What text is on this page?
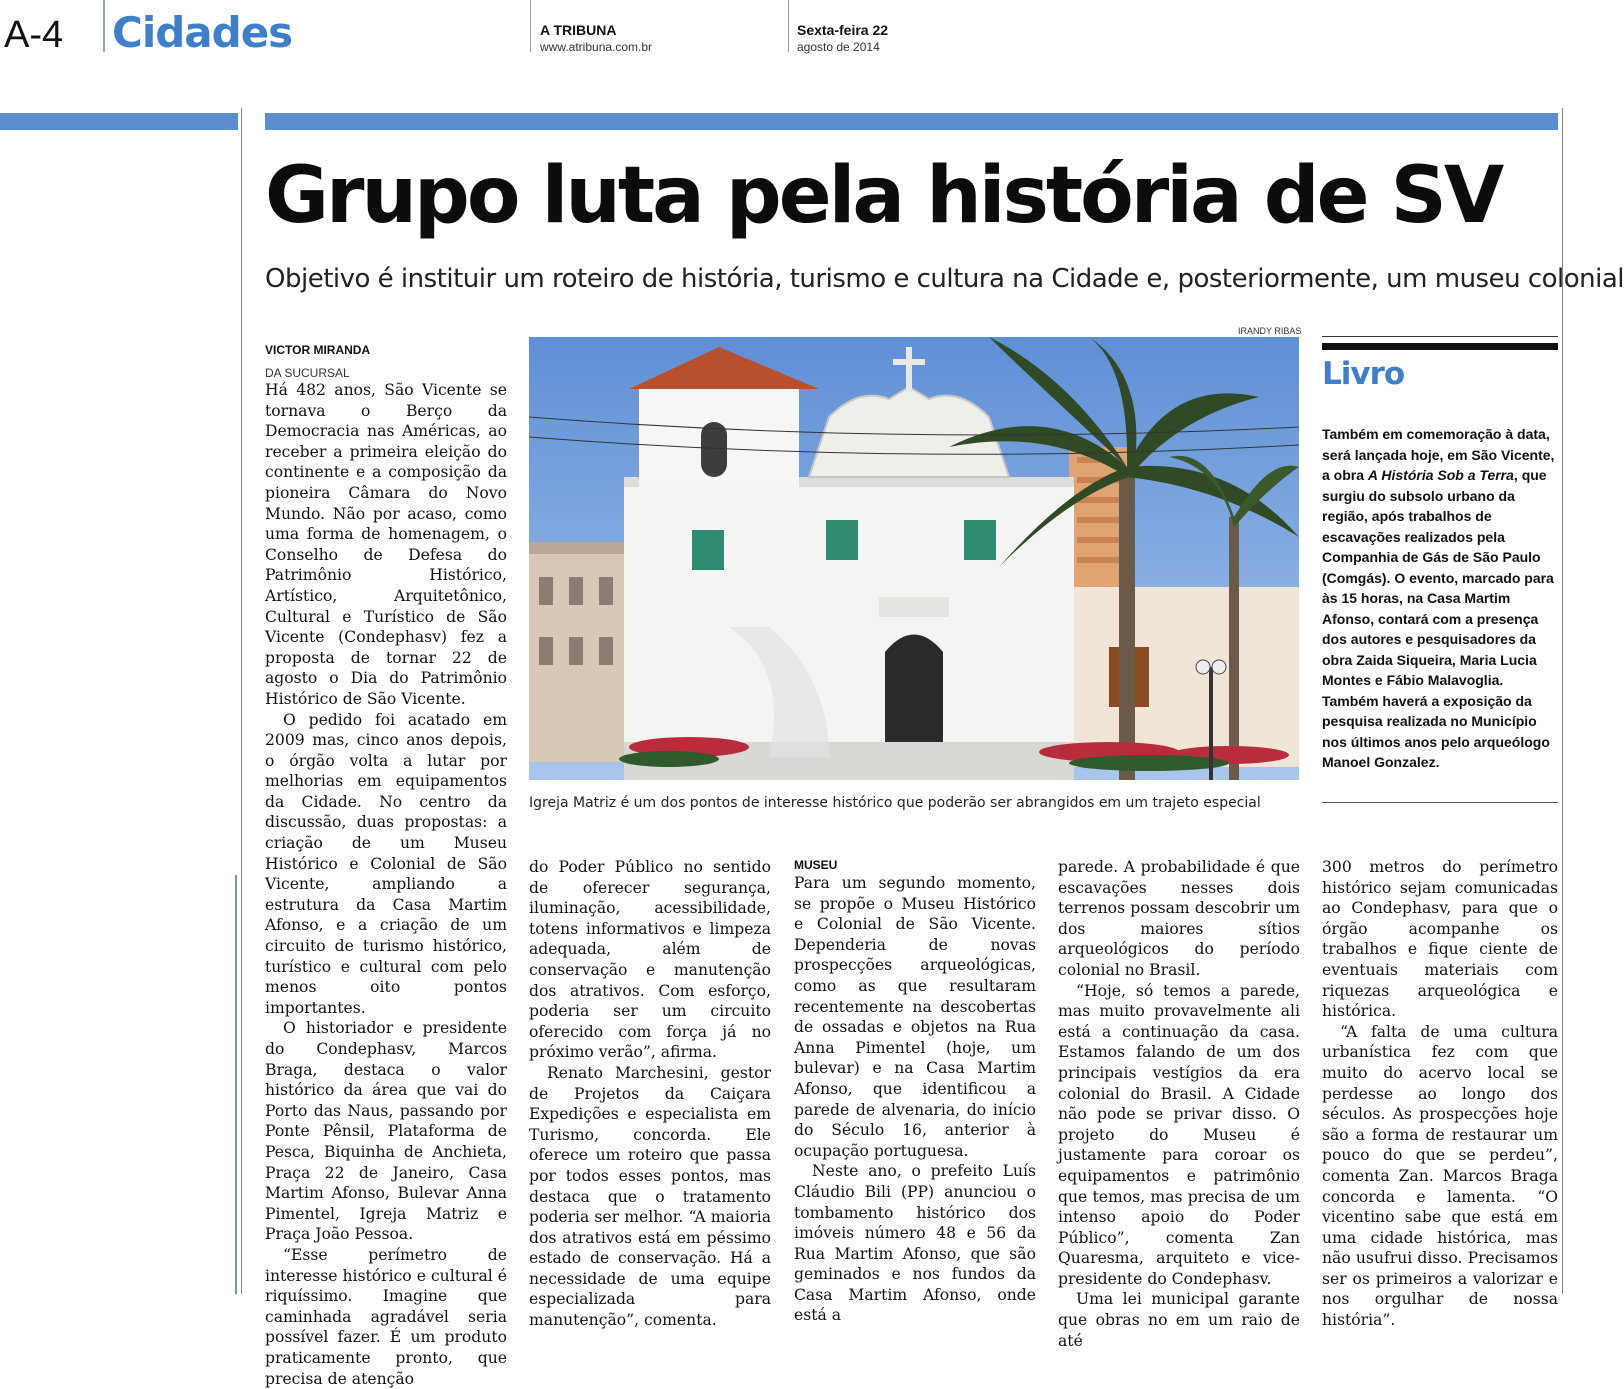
A-4 Cidades	A TRIBUNA
www.atribuna.com.br
Sexta-feira 22
agosto de 2014
Grupo luta pela história de SV
Objetivo é instituir um roteiro de história, turismo e cultura na Cidade e, posteriormente, um museu colonial
VICTOR MIRANDA
DA SUCURSAL

Há 482 anos, São Vicente se tornava o Berço da Democracia nas Américas, ao receber a primeira eleição do continente e a composição da pioneira Câmara do Novo Mundo. Não por acaso, como uma forma de homenagem, o Conselho de Defesa do Patrimônio Histórico, Artístico, Arquitetônico, Cultural e Turístico de São Vicente (Condephasv) fez a proposta de tornar 22 de agosto o Dia do Patrimônio Histórico de São Vicente.

O pedido foi acatado em 2009 mas, cinco anos depois, o órgão volta a lutar por melhorias em equipamentos da Cidade. No centro da discussão, duas propostas: a criação de um Museu Histórico e Colonial de São Vicente, ampliando a estrutura da Casa Martim Afonso, e a criação de um circuito de turismo histórico, turístico e cultural com pelo menos oito pontos importantes.

O historiador e presidente do Condephasv, Marcos Braga, destaca o valor histórico da área que vai do Porto das Naus, passando por Ponte Pênsil, Plataforma de Pesca, Biquinha de Anchieta, Praça 22 de Janeiro, Casa Martim Afonso, Bulevar Anna Pimentel, Igreja Matriz e Praça João Pessoa.

“Esse perímetro de interesse histórico e cultural é riquíssimo. Imagine que caminhada agradável seria possível fazer. É um produto praticamente pronto, que precisa de atenção

IRANDY RIBAS
Igreja Matriz é um dos pontos de interesse histórico que poderão ser abrangidos em um trajeto especial
Livro
Também em comemoração à data, será lançada hoje, em São Vicente, a obra A História Sob a Terra, que surgiu do subsolo urbano da região, após trabalhos de escavações realizados pela Companhia de Gás de São Paulo (Comgás). O evento, marcado para às 15 horas, na Casa Martim Afonso, contará com a presença dos autores e pesquisadores da obra Zaida Siqueira, Maria Lucia Montes e Fábio Malavoglia. Também haverá a exposição da pesquisa realizada no Município nos últimos anos pelo arqueólogo Manoel Gonzalez.

do Poder Público no sentido de oferecer segurança, iluminação, acessibilidade, totens informativos e limpeza adequada, além de conservação e manutenção dos atrativos. Com esforço, poderia ser um circuito oferecido com força já no próximo verão”, afirma.

Renato Marchesini, gestor de Projetos da Caiçara Expedições e especialista em Turismo, concorda. Ele oferece um roteiro que passa por todos esses pontos, mas destaca que o tratamento poderia ser melhor. “A maioria dos atrativos está em péssimo estado de conservação. Há a necessidade de uma equipe especializada para manutenção”, comenta.

MUSEU

Para um segundo momento, se propõe o Museu Histórico e Colonial de São Vicente. Dependeria de novas prospecções arqueológicas, como as que resultaram recentemente na descobertas de ossadas e objetos na Rua Anna Pimentel (hoje, um bulevar) e na Casa Martim Afonso, que identificou a parede de alvenaria, do início do Século 16, anterior à ocupação portuguesa.

Neste ano, o prefeito Luís Cláudio Bili (PP) anunciou o tombamento histórico dos imóveis número 48 e 56 da Rua Martim Afonso, que são geminados e nos fundos da Casa Martim Afonso, onde está a

parede. A probabilidade é que escavações nesses dois terrenos possam descobrir um dos maiores sítios arqueológicos do período colonial no Brasil.

“Hoje, só temos a parede, mas muito provavelmente ali está a continuação da casa. Estamos falando de um dos principais vestígios da era colonial do Brasil. A Cidade não pode se privar disso. O projeto do Museu é justamente para coroar os equipamentos e patrimônio que temos, mas precisa de um intenso apoio do Poder Público”, comenta Zan Quaresma, arquiteto e vice-presidente do Condephasv.

Uma lei municipal garante que obras no em um raio de até

300 metros do perímetro histórico sejam comunicadas ao Condephasv, para que o órgão acompanhe os trabalhos e fique ciente de eventuais materiais com riquezas arqueológica e histórica.

“A falta de uma cultura urbanística fez com que muito do acervo local se perdesse ao longo dos séculos. As prospecções hoje são a forma de restaurar um pouco do que se perdeu”, comenta Zan. Marcos Braga concorda e lamenta. “O vicentino sabe que está em uma cidade histórica, mas não usufrui disso. Precisamos ser os primeiros a valorizar e nos orgulhar de nossa história”.
